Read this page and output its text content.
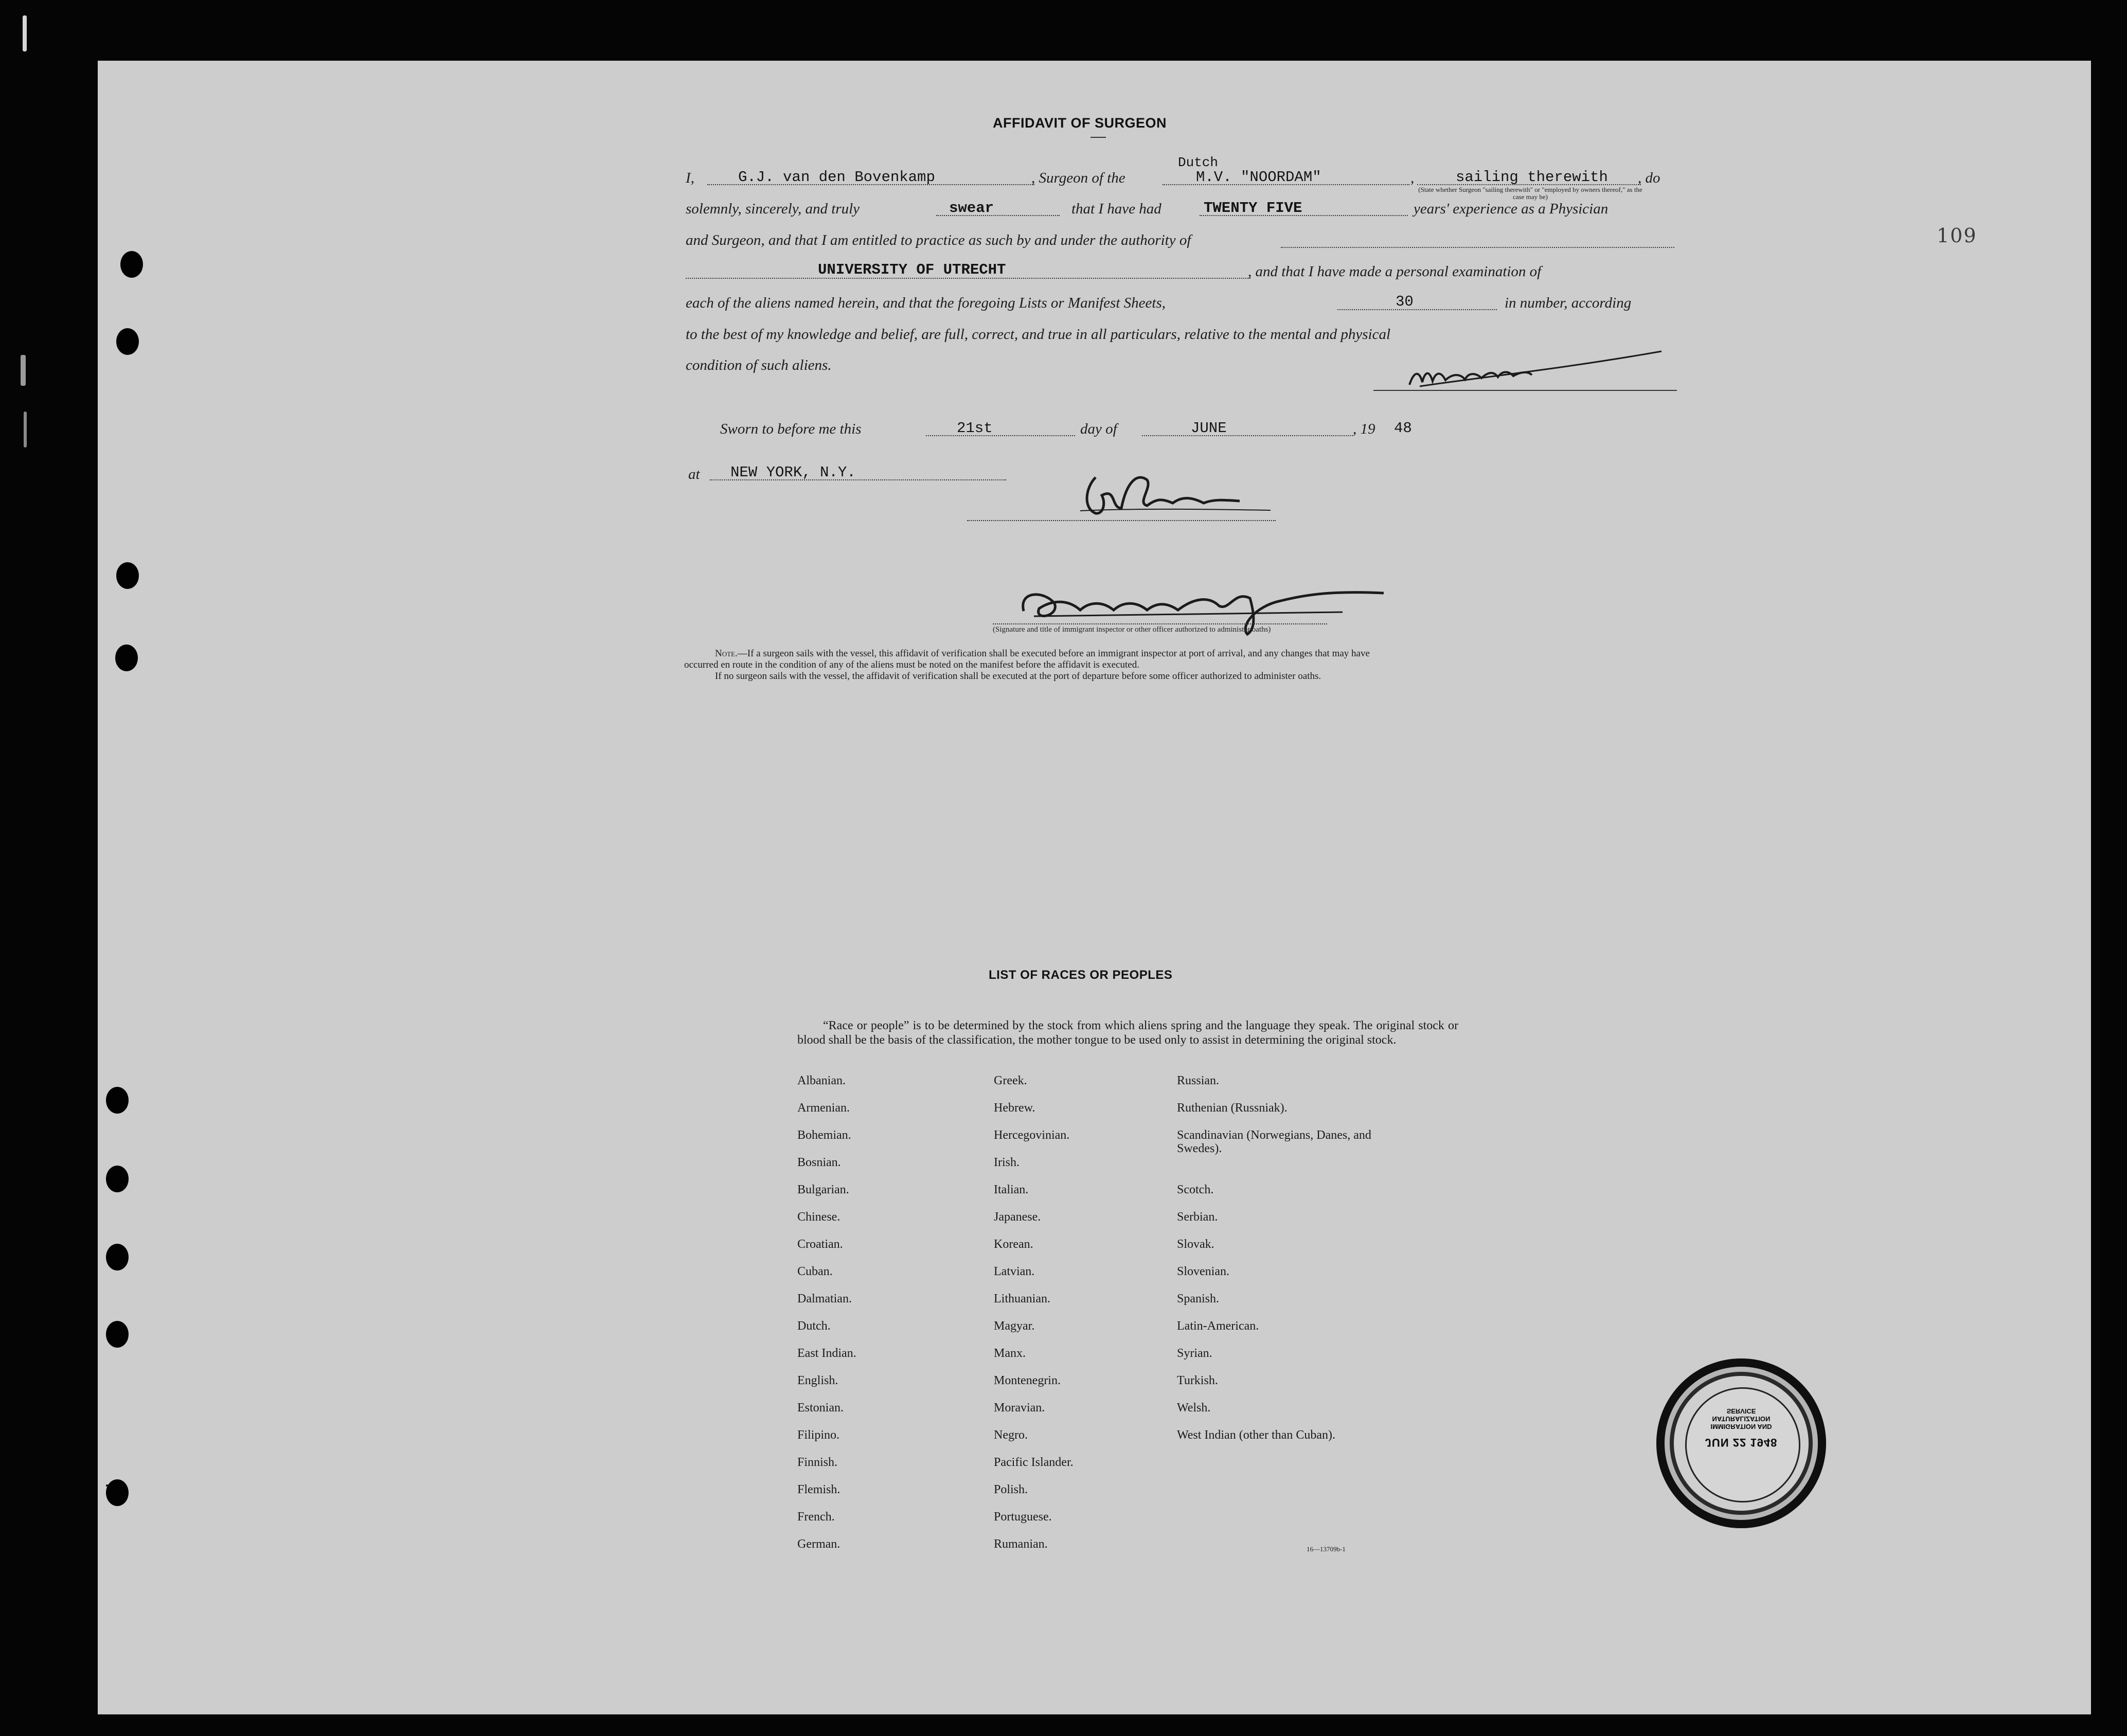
109
AFFIDAVIT OF SURGEON
I,	G.J. van den Bovenkamp	, Surgeon of the
Dutch
M.V. "NOORDAM"	,	sailing therewith
(State whether Surgeon "sailing therewith" or "employed by owners thereof," as the case may be)
, do
solemnly, sincerely, and truly	swear	that I have had	TWENTY FIVE	years' experience as a Physician
and Surgeon, and that I am entitled to practice as such by and under the authority of
UNIVERSITY OF UTRECHT	, and that I have made a personal examination of
each of the aliens named herein, and that the foregoing Lists or Manifest Sheets,	30	in number, according
to the best of my knowledge and belief, are full, correct, and true in all particulars, relative to the mental and physical
condition of such aliens.
Sworn to before me this	21st	day of	JUNE	, 19 48
at NEW YORK, N.Y.
(Signature and title of immigrant inspector or other officer authorized to administer oaths)
Note.—If a surgeon sails with the vessel, this affidavit of verification shall be executed before an immigrant inspector at port of arrival, and any changes that may have
occurred en route in the condition of any of the aliens must be noted on the manifest before the affidavit is executed.
If no surgeon sails with the vessel, the affidavit of verification shall be executed at the port of departure before some officer authorized to administer oaths.
LIST OF RACES OR PEOPLES
“Race or people” is to be determined by the stock from which aliens spring and the language they speak. The original stock or blood shall be the basis of the classification, the mother tongue to be used only to assist in determining the original stock.
Albanian.
Armenian.
Bohemian.
Bosnian.
Bulgarian.
Chinese.
Croatian.
Cuban.
Dalmatian.
Dutch.
East Indian.
English.
Estonian.
Filipino.
Finnish.
Flemish.
French.
German.
Greek.
Hebrew.
Hercegovinian.
Irish.
Italian.
Japanese.
Korean.
Latvian.
Lithuanian.
Magyar.
Manx.
Montenegrin.
Moravian.
Negro.
Pacific Islander.
Polish.
Portuguese.
Rumanian.
Russian.
Ruthenian (Russniak).
Scandinavian (Norwegians, Danes, and Swedes).
Scotch.
Serbian.
Slovak.
Slovenian.
Spanish.
Latin-American.
Syrian.
Turkish.
Welsh.
West Indian (other than Cuban).
16—13709b-1
JUN 22 1948
IMMIGRATION AND NATURALIZATION SERVICE
